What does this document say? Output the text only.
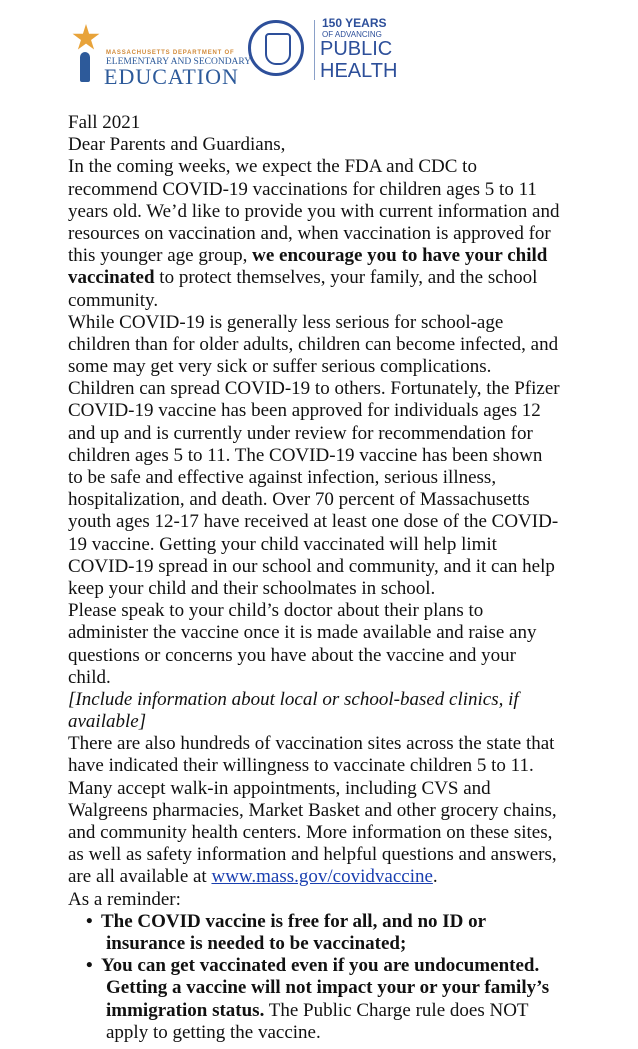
MASSACHUSETTS DEPARTMENT OF
ELEMENTARY AND SECONDARY
EDUCATION
150 YEARS
OF ADVANCING
PUBLIC
HEALTH
Fall 2021
Dear Parents and Guardians,
In the coming weeks, we expect the FDA and CDC to
recommend COVID-19 vaccinations for children ages 5 to 11
years old. We’d like to provide you with current information and
resources on vaccination and, when vaccination is approved for
this younger age group, we encourage you to have your child
vaccinated to protect themselves, your family, and the school
community.
While COVID-19 is generally less serious for school-age
children than for older adults, children can become infected, and
some may get very sick or suffer serious complications.
Children can spread COVID-19 to others. Fortunately, the Pfizer
COVID-19 vaccine has been approved for individuals ages 12
and up and is currently under review for recommendation for
children ages 5 to 11. The COVID-19 vaccine has been shown
to be safe and effective against infection, serious illness,
hospitalization, and death. Over 70 percent of Massachusetts
youth ages 12-17 have received at least one dose of the COVID-
19 vaccine. Getting your child vaccinated will help limit
COVID-19 spread in our school and community, and it can help
keep your child and their schoolmates in school.
Please speak to your child’s doctor about their plans to
administer the vaccine once it is made available and raise any
questions or concerns you have about the vaccine and your
child.
[Include information about local or school-based clinics, if
available]
There are also hundreds of vaccination sites across the state that
have indicated their willingness to vaccinate children 5 to 11.
Many accept walk-in appointments, including CVS and
Walgreens pharmacies, Market Basket and other grocery chains,
and community health centers. More information on these sites,
as well as safety information and helpful questions and answers,
are all available at www.mass.gov/covidvaccine.
As a reminder:
• The COVID vaccine is free for all, and no ID or
insurance is needed to be vaccinated;
• You can get vaccinated even if you are undocumented.
Getting a vaccine will not impact your or your family’s
immigration status. The Public Charge rule does NOT
apply to getting the vaccine.
